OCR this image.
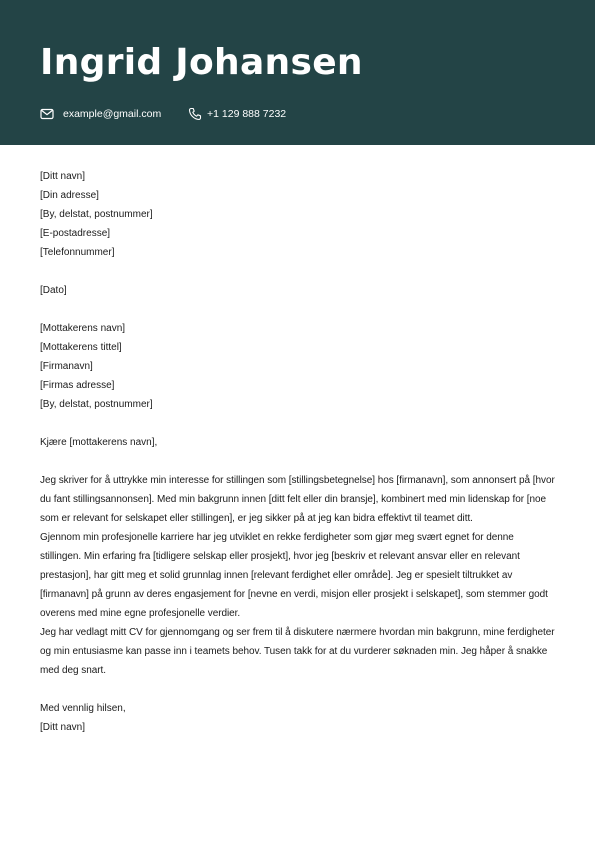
Ingrid Johansen
example@gmail.com	+1 129 888 7232
[Ditt navn]
[Din adresse]
[By, delstat, postnummer]
[E-postadresse]
[Telefonnummer]
[Dato]
[Mottakerens navn]
[Mottakerens tittel]
[Firmanavn]
[Firmas adresse]
[By, delstat, postnummer]
Kjære [mottakerens navn],

Jeg skriver for å uttrykke min interesse for stillingen som [stillingsbetegnelse] hos [firmanavn], som annonsert på [hvor du fant stillingsannonsen]. Med min bakgrunn innen [ditt felt eller din bransje], kombinert med min lidenskap for [noe som er relevant for selskapet eller stillingen], er jeg sikker på at jeg kan bidra effektivt til teamet ditt.

Gjennom min profesjonelle karriere har jeg utviklet en rekke ferdigheter som gjør meg svært egnet for denne stillingen. Min erfaring fra [tidligere selskap eller prosjekt], hvor jeg [beskriv et relevant ansvar eller en relevant prestasjon], har gitt meg et solid grunnlag innen [relevant ferdighet eller område]. Jeg er spesielt tiltrukket av [firmanavn] på grunn av deres engasjement for [nevne en verdi, misjon eller prosjekt i selskapet], som stemmer godt overens med mine egne profesjonelle verdier.

Jeg har vedlagt mitt CV for gjennomgang og ser frem til å diskutere nærmere hvordan min bakgrunn, mine ferdigheter og min entusiasme kan passe inn i teamets behov. Tusen takk for at du vurderer søknaden min. Jeg håper å snakke med deg snart.

Med vennlig hilsen,
[Ditt navn]
